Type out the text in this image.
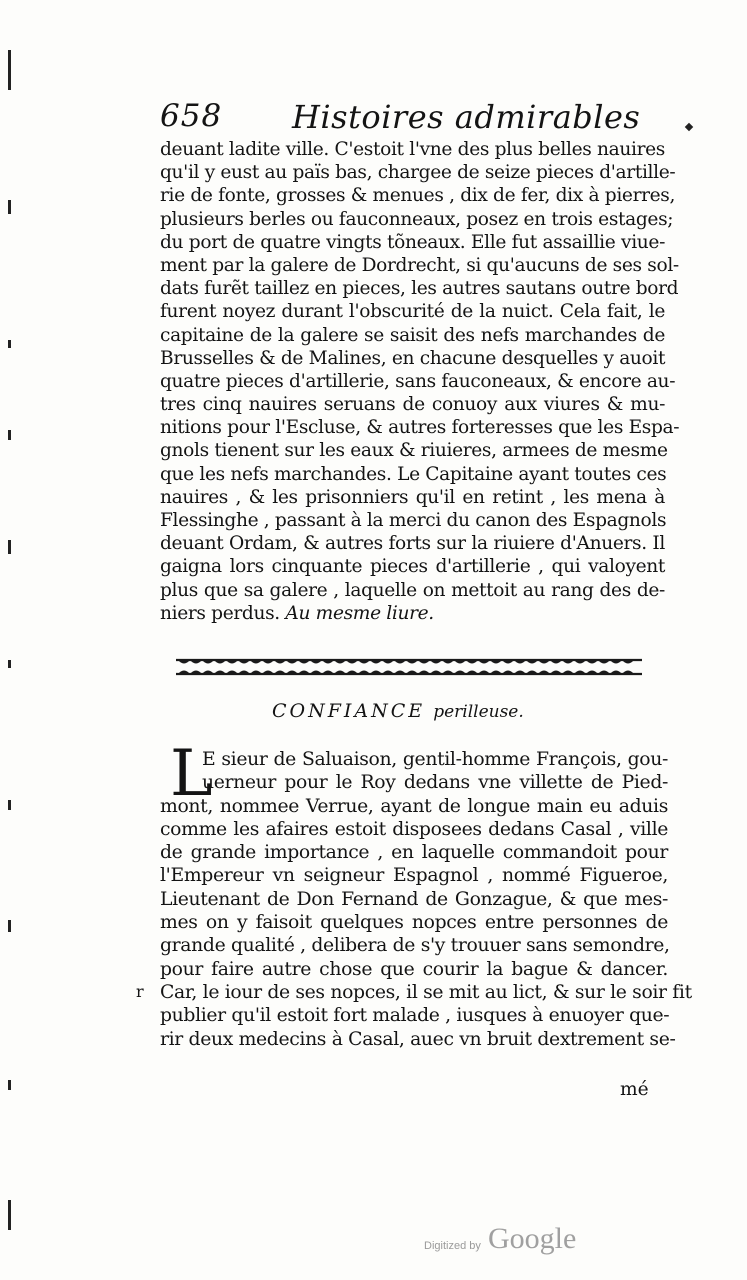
658 Histoires admirables
deuant ladite ville. C'estoit l'vne des plus belles nauires
qu'il y eust au païs bas, chargee de seize pieces d'artille-
rie de fonte, grosses & menues , dix de fer, dix à pierres,
plusieurs berles ou fauconneaux, posez en trois estages;
du port de quatre vingts tõneaux. Elle fut assaillie viue-
ment par la galere de Dordrecht, si qu'aucuns de ses sol-
dats furẽt taillez en pieces, les autres sautans outre bord
furent noyez durant l'obscurité de la nuict. Cela fait, le
capitaine de la galere se saisit des nefs marchandes de
Brusselles & de Malines, en chacune desquelles y auoit
quatre pieces d'artillerie, sans fauconeaux, & encore au-
tres cinq nauires seruans de conuoy aux viures & mu-
nitions pour l'Escluse, & autres forteresses que les Espa-
gnols tienent sur les eaux & riuieres, armees de mesme
que les nefs marchandes. Le Capitaine ayant toutes ces
nauires , & les prisonniers qu'il en retint , les mena à
Flessinghe , passant à la merci du canon des Espagnols
deuant Ordam, & autres forts sur la riuiere d'Anuers. Il
gaigna lors cinquante pieces d'artillerie , qui valoyent
plus que sa galere , laquelle on mettoit au rang des de-
niers perdus. Au mesme liure.
CONFIANCE perilleuse.
L
E sieur de Saluaison, gentil-homme François, gou-
uerneur pour le Roy dedans vne villette de Pied-
mont, nommee Verrue, ayant de longue main eu aduis
comme les afaires estoit disposees dedans Casal , ville
de grande importance , en laquelle commandoit pour
l'Empereur vn seigneur Espagnol , nommé Figueroe,
Lieutenant de Don Fernand de Gonzague, & que mes-
mes on y faisoit quelques nopces entre personnes de
grande qualité , delibera de s'y trouuer sans semondre,
pour faire autre chose que courir la bague & dancer.
Car, le iour de ses nopces, il se mit au lict, & sur le soir fit
publier qu'il estoit fort malade , iusques à enuoyer que-
rir deux medecins à Casal, auec vn bruit dextrement se-
r
mé
Digitized by Google
